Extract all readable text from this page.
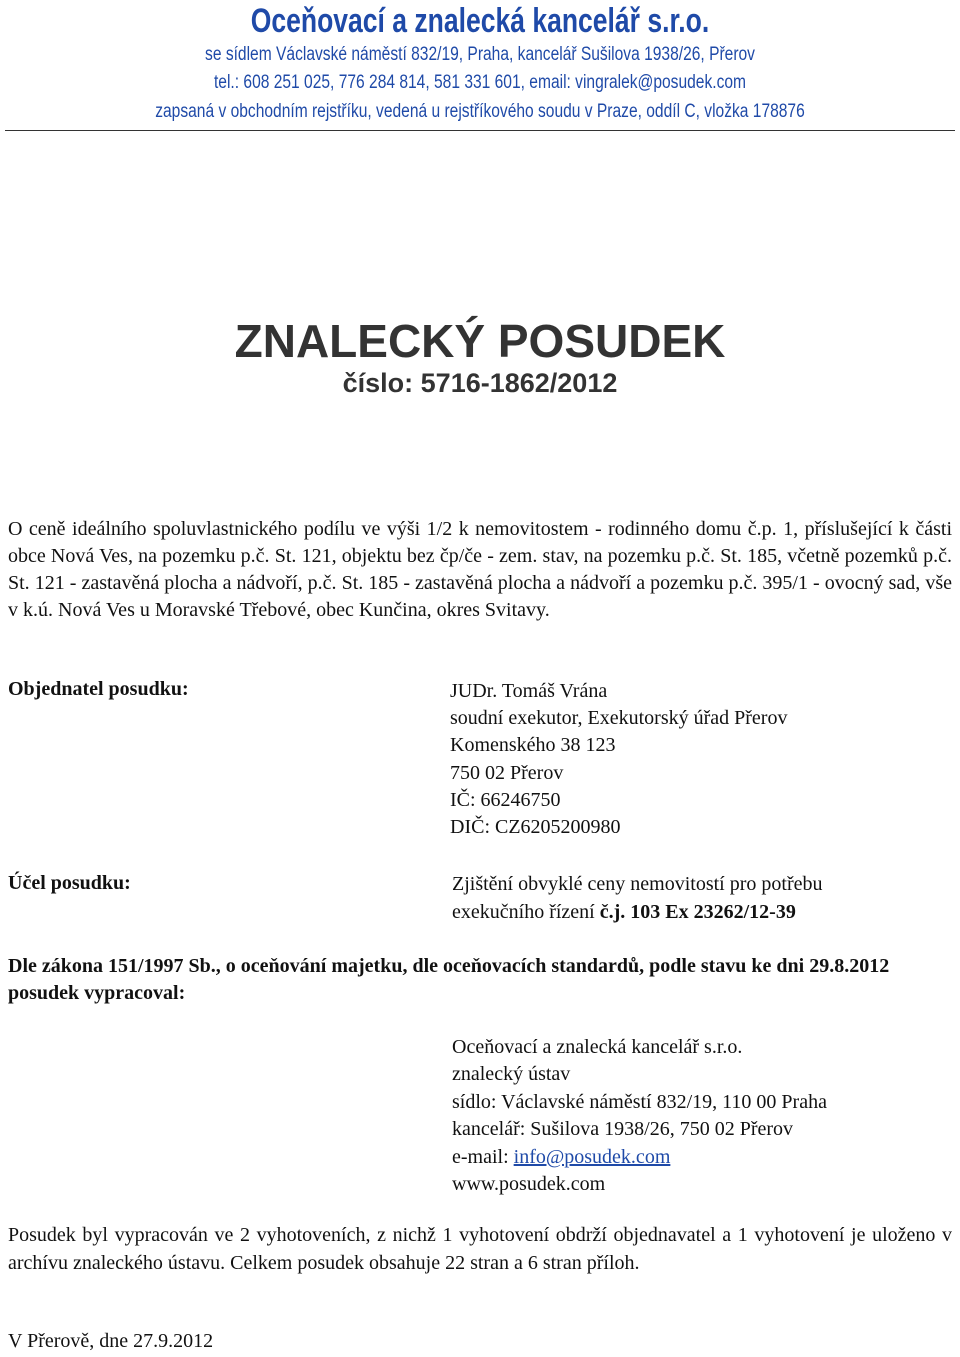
Oceňovací a znalecká kancelář s.r.o.
se sídlem Václavské náměstí 832/19, Praha, kancelář Sušilova 1938/26, Přerov
tel.: 608 251 025, 776 284 814, 581 331 601, email: vingralek@posudek.com
zapsaná v obchodním rejstříku, vedená u rejstříkového soudu v Praze, oddíl C, vložka 178876
ZNALECKÝ POSUDEK
číslo: 5716-1862/2012
O ceně ideálního spoluvlastnického podílu ve výši 1/2 k nemovitostem - rodinného domu č.p. 1, příslušející k části obce Nová Ves, na pozemku p.č. St. 121, objektu bez čp/če - zem. stav, na pozemku p.č. St. 185, včetně pozemků p.č. St. 121 - zastavěná plocha a nádvoří, p.č. St. 185 - zastavěná plocha a nádvoří a pozemku p.č. 395/1 - ovocný sad, vše v k.ú. Nová Ves u Moravské Třebové, obec Kunčina, okres Svitavy.
Objednatel posudku:	JUDr. Tomáš Vrána
soudní exekutor, Exekutorský úřad Přerov
Komenského 38 123
750 02 Přerov
IČ: 66246750
DIČ: CZ6205200980
Účel posudku:	Zjištění obvyklé ceny nemovitostí pro potřebu
exekučního řízení č.j. 103 Ex 23262/12-39
Dle zákona 151/1997 Sb., o oceňování majetku, dle oceňovacích standardů, podle stavu ke dni 29.8.2012 posudek vypracoval:
Oceňovací a znalecká kancelář s.r.o.
znalecký ústav
sídlo: Václavské náměstí 832/19, 110 00 Praha
kancelář: Sušilova 1938/26, 750 02 Přerov
e-mail: info@posudek.com
www.posudek.com
Posudek byl vypracován ve 2 vyhotoveních, z nichž 1 vyhotovení obdrží objednavatel a 1 vyhotovení je uloženo v archívu znaleckého ústavu. Celkem posudek obsahuje 22 stran a 6 stran příloh.
V Přerově, dne 27.9.2012
